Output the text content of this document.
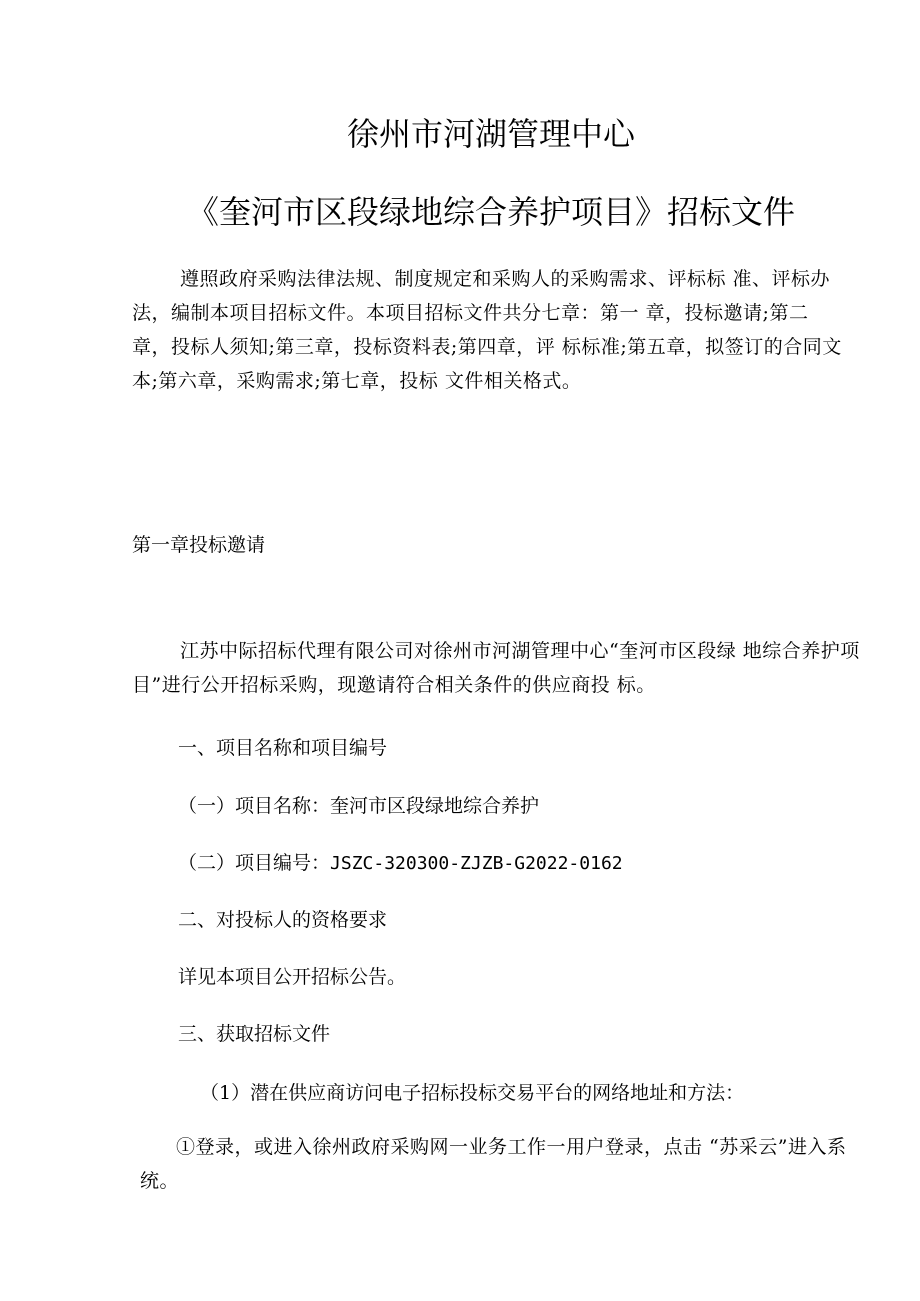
徐州市河湖管理中心
《奎河市区段绿地综合养护项目》招标文件

遵照政府采购法律法规、制度规定和采购人的采购需求、评标标 准、评标办法，编制本项目招标文件。本项目招标文件共分七章：第一 章，投标邀请;第二章，投标人须知;第三章，投标资料表;第四章，评 标标准;第五章，拟签订的合同文本;第六章，采购需求;第七章，投标 文件相关格式。

第一章投标邀请

江苏中际招标代理有限公司对徐州市河湖管理中心“奎河市区段绿 地综合养护项目”进行公开招标采购，现邀请符合相关条件的供应商投 标。

一、项目名称和项目编号

（一）项目名称：奎河市区段绿地综合养护

（二）项目编号：JSZC-320300-ZJZB-G2022-0162

二、对投标人的资格要求

详见本项目公开招标公告。

三、获取招标文件

（1）潜在供应商访问电子招标投标交易平台的网络地址和方法：

①登录，或进入徐州政府采购网一业务工作一用户登录，点击 “苏采云”进入系统。
